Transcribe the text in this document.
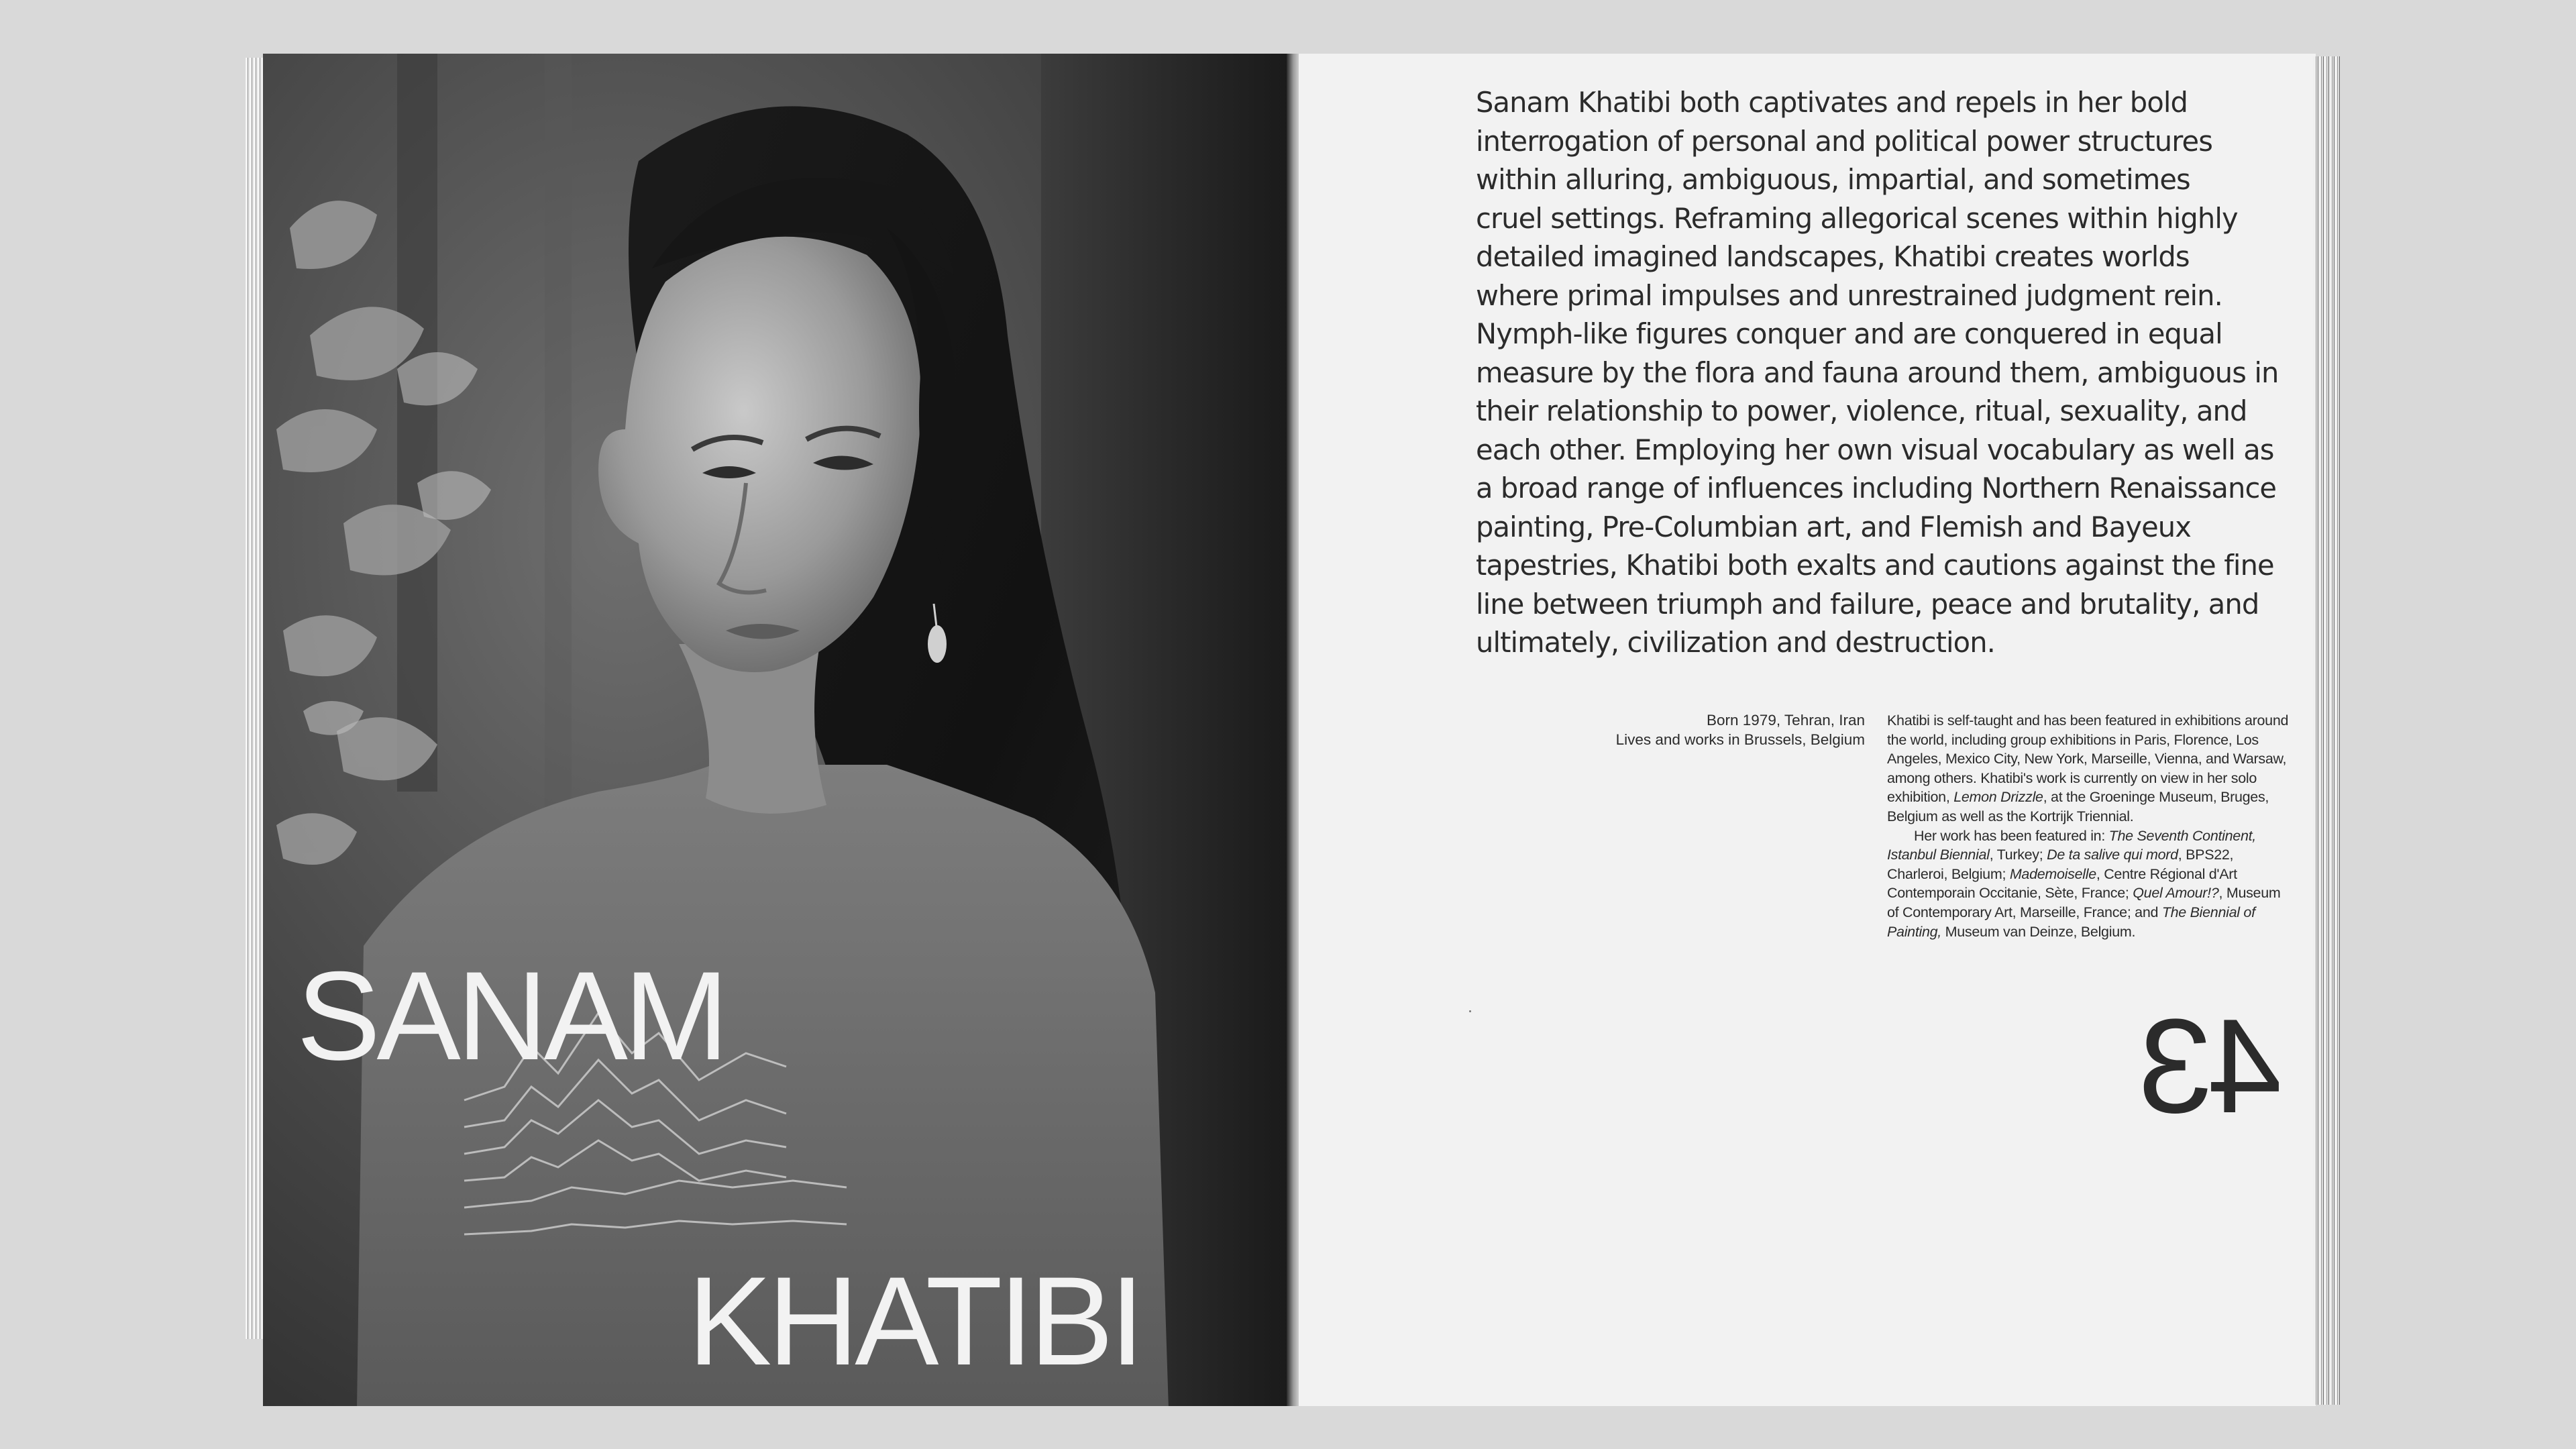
SANAM
KHATIBI

Sanam Khatibi both captivates and repels in her bold
interrogation of personal and political power structures
within alluring, ambiguous, impartial, and sometimes
cruel settings. Reframing allegorical scenes within highly
detailed imagined landscapes, Khatibi creates worlds
where primal impulses and unrestrained judgment rein.
Nymph-like figures conquer and are conquered in equal
measure by the flora and fauna around them, ambiguous in
their relationship to power, violence, ritual, sexuality, and
each other. Employing her own visual vocabulary as well as
a broad range of influences including Northern Renaissance
painting, Pre-Columbian art, and Flemish and Bayeux
tapestries, Khatibi both exalts and cautions against the fine
line between triumph and failure, peace and brutality, and
ultimately, civilization and destruction.

Born 1979, Tehran, Iran
Lives and works in Brussels, Belgium

Khatibi is self-taught and has been featured in exhibitions around the world, including group exhibitions in Paris, Florence, Los Angeles, Mexico City, New York, Marseille, Vienna, and Warsaw, among others. Khatibi's work is currently on view in her solo exhibition, Lemon Drizzle, at the Groeninge Museum, Bruges, Belgium as well as the Kortrijk Triennial.

Her work has been featured in: The Seventh Continent, Istanbul Biennial, Turkey; De ta salive qui mord, BPS22, Charleroi, Belgium; Mademoiselle, Centre Régional d'Art Contemporain Occitanie, Sète, France; Quel Amour!?, Museum of Contemporary Art, Marseille, France; and The Biennial of Painting, Museum van Deinze, Belgium.

43
